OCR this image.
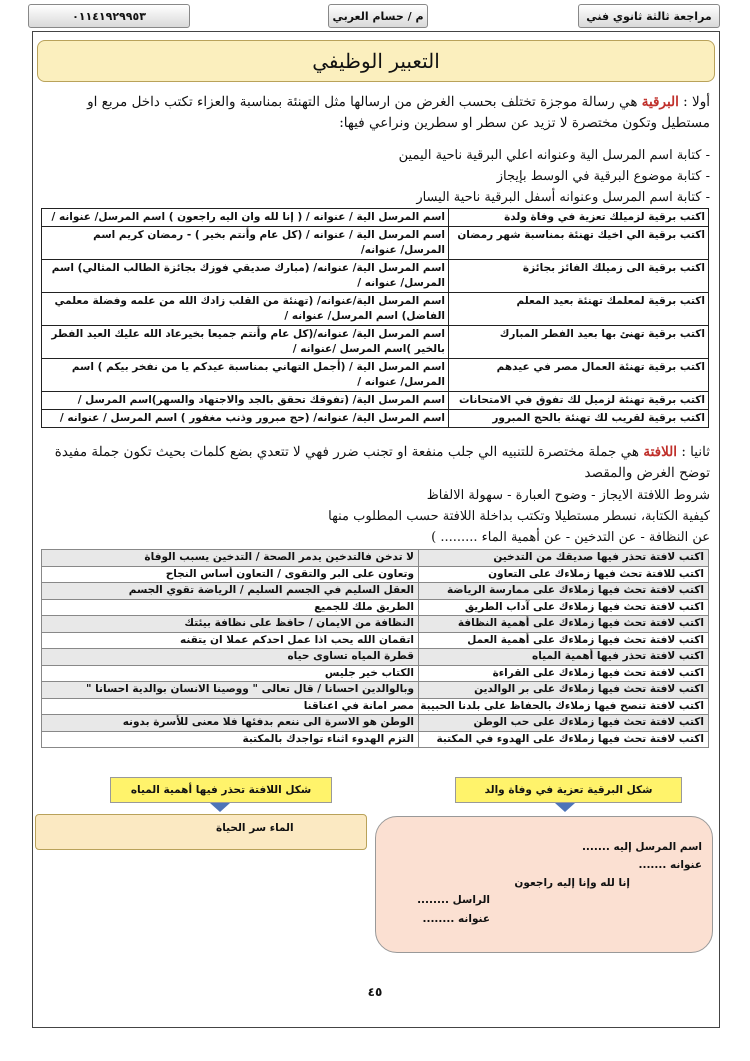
٠١١٤١٩٢٩٩٥٣	م / حسام العربي	مراجعة ثالثة ثانوي فني
التعبير الوظيفي
أولا : البرقية هي رسالة موجزة تختلف بحسب الغرض من ارسالها مثل التهنئة بمناسبة والعزاء تكتب داخل مربع او مستطيل وتكون مختصرة لا تزيد عن سطر او سطرين ونراعي فيها:
- كتابة اسم المرسل الية وعنوانه اعلي البرقية ناحية اليمين
- كتابة موضوع البرقية في الوسط بإيجاز
- كتابة اسم المرسل وعنوانه أسفل البرقية ناحية اليسار
اكتب برقية لزميلك تعزية في وفاة ولدة	اسم المرسل الية / عنوانه / ( إنا لله وان اليه راجعون ) اسم المرسل/ عنوانه /
اكتب برقية الي اخيك تهنئة بمناسبة شهر رمضان	اسم المرسل الية / عنوانه / (كل عام وأنتم بخير ) - رمضان كريم اسم المرسل/ عنوانه/
اكتب برقية الى زميلك الفائز بجائزة	اسم المرسل الية/ عنوانه/ (مبارك صديقي فوزك بجائزة الطالب المثالي) اسم المرسل/ عنوانه /
اكتب برقية لمعلمك تهنئة بعيد المعلم	اسم المرسل الية/عنوانه/ (تهنئة من القلب زادك الله من علمه وفضلة معلمي الفاضل) اسم المرسل/ عنوانه /
اكتب برقية تهنئ بها بعيد الفطر المبارك	اسم المرسل الية/ عنوانه/(كل عام وأنتم جميعا بخيرعاد الله عليك العيد الفطر بالخير )اسم المرسل /عنوانه /
اكتب برقية تهنئة العمال مصر في عيدهم	اسم المرسل الية / (أجمل التهاني بمناسبة عيدكم يا من نفخر بيكم ) اسم المرسل/ عنوانه /
اكتب برقية تهنئة لزميل لك تفوق في الامتحانات	اسم المرسل الية/ (تفوقك تحقق بالجد والاجتهاد والسهر)اسم المرسل /
اكتب برقية لقريب لك تهنئة بالحج المبرور	اسم المرسل الية/ عنوانه/ (حج مبرور وذنب مغفور ) اسم المرسل / عنوانه /
ثانيا : اللافتة هي جملة مختصرة للتنبيه الي جلب منفعة او تجنب ضرر فهي لا تتعدي بضع كلمات بحيث تكون جملة مفيدة توضح الغرض والمقصد
شروط اللافتة الايجاز - وضوح العبارة - سهولة الالفاظ
كيفية الكتابة، نسطر مستطيلا وتكتب بداخلة اللافتة حسب المطلوب منها
عن النظافة - عن التدخين - عن أهمية الماء ......... )
اكتب لافتة تحذر فيها صديقك من التدخين	لا تدخن فالتدخين يدمر الصحة / التدخين يسبب الوفاة
اكتب للافتة تحث فيها زملاءك على التعاون	وتعاون على البر والتقوى / التعاون أساس النجاح
اكتب لافتة تحث فيها زملاءك على ممارسة الرياضة	العقل السليم في الجسم السليم / الرياضة تقوي الجسم
اكتب لافتة تحث فيها زملاءك على آداب الطريق	الطريق ملك للجميع
اكتب لافتة تحث فيها زملاءك على أهمية النظافة	النظافة من الايمان / حافظ على نظافة بيئتك
اكتب لافتة تحث فيها زملاءك على أهمية العمل	اتقمان الله يحب اذا عمل احدكم عملا ان يتقنه
اكتب لافتة تحذر فيها أهمية المياه	قطرة المياه تساوى حياه
اكتب لافتة تحث فيها زملاءك على القراءة	الكتاب خير جليس
اكتب لافتة تحث فيها زملاءك على بر الوالدين	وبالوالدين احسانا / قال تعالى " ووصينا الانسان بوالدية احسانا "
اكتب لافتة تنصح فيها زملاءك بالحفاظ على بلدنا الحبيبة	مصر امانة في اعناقنا
اكتب لافتة تحث فيها زملاءك على حب الوطن	الوطن هو الاسرة الى ننعم بدفئها فلا معنى للأسرة بدونه
اكتب لافتة تحث فيها زملاءك على الهدوء في المكتبة	التزم الهدوء اثناء تواجدك بالمكتبة
شكل اللافتة تحذر فيها أهمية المياه	شكل البرقية تعزية في وفاة والد
الماء سر الحياة
اسم المرسل إليه .......
عنوانه .......
إنا لله وإنا إليه راجعون
الراسل ........
عنوانه ........
٤٥
